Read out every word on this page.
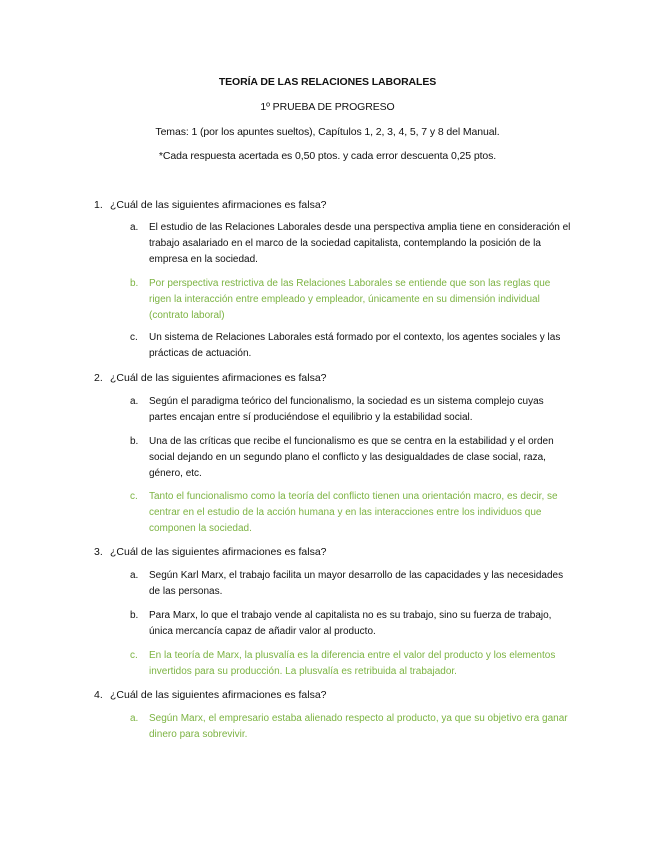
TEORÍA DE LAS RELACIONES LABORALES
1º PRUEBA DE PROGRESO
Temas: 1 (por los apuntes sueltos), Capítulos 1, 2, 3, 4, 5, 7 y 8 del Manual.
*Cada respuesta acertada es 0,50 ptos. y cada error descuenta 0,25 ptos.
1. ¿Cuál de las siguientes afirmaciones es falsa?
a. El estudio de las Relaciones Laborales desde una perspectiva amplia tiene en consideración el trabajo asalariado en el marco de la sociedad capitalista, contemplando la posición de la empresa en la sociedad.
b. Por perspectiva restrictiva de las Relaciones Laborales se entiende que son las reglas que rigen la interacción entre empleado y empleador, únicamente en su dimensión individual (contrato laboral)
c. Un sistema de Relaciones Laborales está formado por el contexto, los agentes sociales y las prácticas de actuación.
2. ¿Cuál de las siguientes afirmaciones es falsa?
a. Según el paradigma teórico del funcionalismo, la sociedad es un sistema complejo cuyas partes encajan entre sí produciéndose el equilibrio y la estabilidad social.
b. Una de las críticas que recibe el funcionalismo es que se centra en la estabilidad y el orden social dejando en un segundo plano el conflicto y las desigualdades de clase social, raza, género, etc.
c. Tanto el funcionalismo como la teoría del conflicto tienen una orientación macro, es decir, se centrar en el estudio de la acción humana y en las interacciones entre los individuos que componen la sociedad.
3. ¿Cuál de las siguientes afirmaciones es falsa?
a. Según Karl Marx, el trabajo facilita un mayor desarrollo de las capacidades y las necesidades de las personas.
b. Para Marx, lo que el trabajo vende al capitalista no es su trabajo, sino su fuerza de trabajo, única mercancía capaz de añadir valor al producto.
c. En la teoría de Marx, la plusvalía es la diferencia entre el valor del producto y los elementos invertidos para su producción. La plusvalía es retribuida al trabajador.
4. ¿Cuál de las siguientes afirmaciones es falsa?
a. Según Marx, el empresario estaba alienado respecto al producto, ya que su objetivo era ganar dinero para sobrevivir.
